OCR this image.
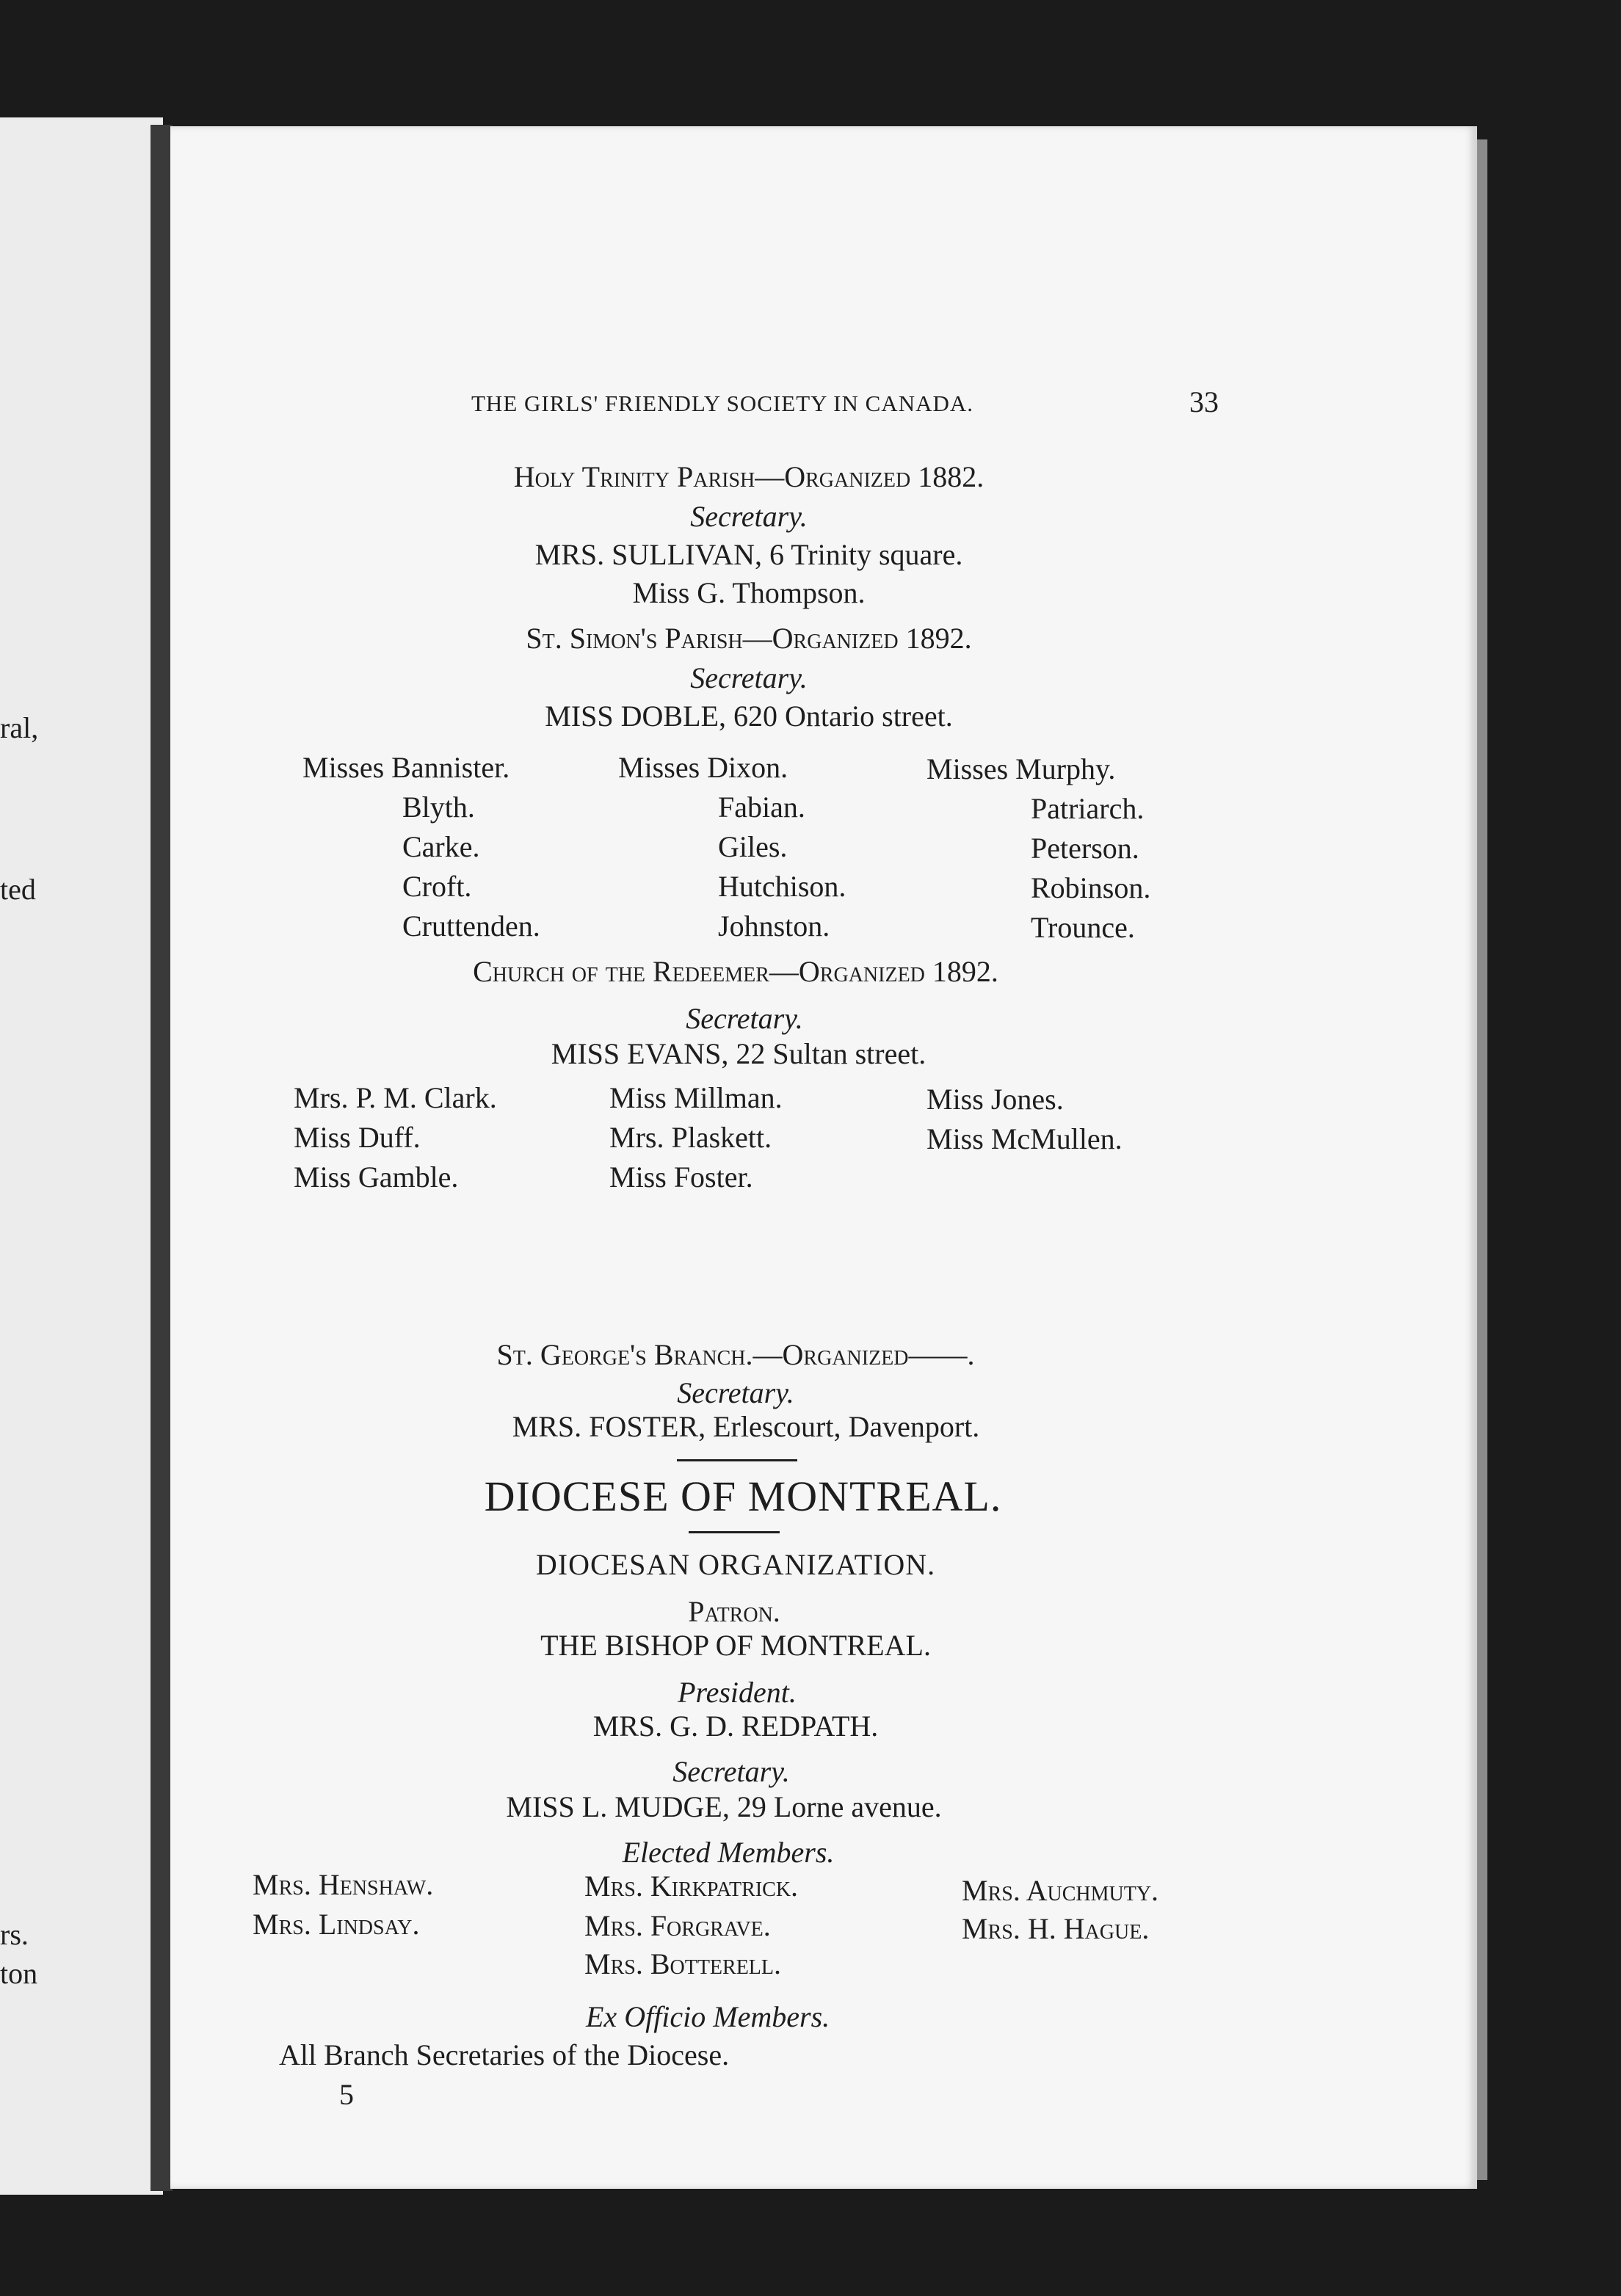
ral,
ted
rs.
ton
THE GIRLS' FRIENDLY SOCIETY IN CANADA.	33
Holy Trinity Parish—Organized 1882.
Secretary.
MRS. SULLIVAN, 6 Trinity square.
Miss G. Thompson.
St. Simon's Parish—Organized 1892.
Secretary.
MISS DOBLE, 620 Ontario street.
Misses Bannister.
Blyth.
Carke.
Croft.
Cruttenden.
Misses Dixon.
Fabian.
Giles.
Hutchison.
Johnston.
Misses Murphy.
Patriarch.
Peterson.
Robinson.
Trounce.
Church of the Redeemer—Organized 1892.
Secretary.
MISS EVANS, 22 Sultan street.
Mrs. P. M. Clark.
Miss Duff.
Miss Gamble.
Miss Millman.
Mrs. Plaskett.
Miss Foster.
Miss Jones.
Miss McMullen.
St. George's Branch.—Organized——.
Secretary.
MRS. FOSTER, Erlescourt, Davenport.
DIOCESE OF MONTREAL.
DIOCESAN ORGANIZATION.
Patron.
THE BISHOP OF MONTREAL.
President.
MRS. G. D. REDPATH.
Secretary.
MISS L. MUDGE, 29 Lorne avenue.
Elected Members.
Mrs. Henshaw.
Mrs. Lindsay.
Mrs. Kirkpatrick.
Mrs. Forgrave.
Mrs. Botterell.
Mrs. Auchmuty.
Mrs. H. Hague.
Ex Officio Members.
All Branch Secretaries of the Diocese.
5
